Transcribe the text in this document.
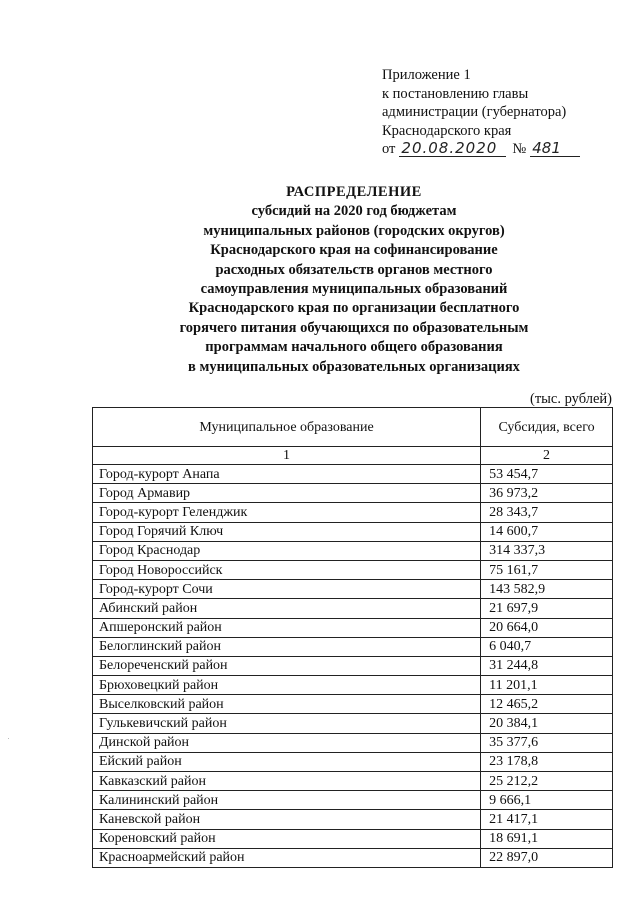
Приложение 1
к постановлению главы
администрации (губернатора)
Краснодарского края
от 20.08.2020	№ 481
РАСПРЕДЕЛЕНИЕ
субсидий на 2020 год бюджетам
муниципальных районов (городских округов)
Краснодарского края на софинансирование
расходных обязательств органов местного
самоуправления муниципальных образований
Краснодарского края по организации бесплатного
горячего питания обучающихся по образовательным
программам начального общего образования
в муниципальных образовательных организациях
(тыс. рублей)
Муниципальное образование	Субсидия, всего
1	2
Город-курорт Анапа	53 454,7
Город Армавир	36 973,2
Город-курорт Геленджик	28 343,7
Город Горячий Ключ	14 600,7
Город Краснодар	314 337,3
Город Новороссийск	75 161,7
Город-курорт Сочи	143 582,9
Абинский район	21 697,9
Апшеронский район	20 664,0
Белоглинский район	6 040,7
Белореченский район	31 244,8
Брюховецкий район	11 201,1
Выселковский район	12 465,2
Гулькевичский район	20 384,1
Динской район	35 377,6
Ейский район	23 178,8
Кавказский район	25 212,2
Калининский район	9 666,1
Каневской район	21 417,1
Кореновский район	18 691,1
Красноармейский район	22 897,0
